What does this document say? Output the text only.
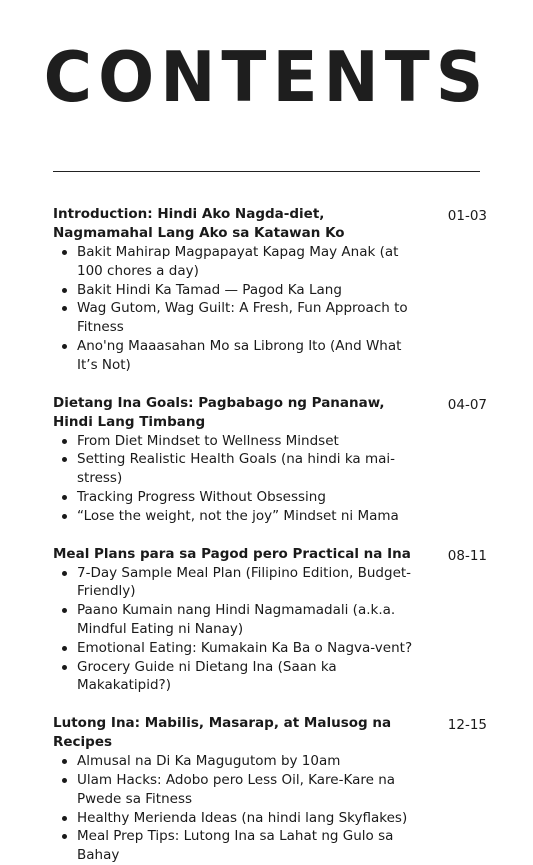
CONTENTS
Introduction: Hindi Ako Nagda-diet, Nagmamahal Lang Ako sa Katawan Ko
01-03
Bakit Mahirap Magpapayat Kapag May Anak (at 100 chores a day)
Bakit Hindi Ka Tamad — Pagod Ka Lang
Wag Gutom, Wag Guilt: A Fresh, Fun Approach to Fitness
Ano'ng Maaasahan Mo sa Librong Ito (And What It’s Not)
Dietang Ina Goals: Pagbabago ng Pananaw, Hindi Lang Timbang
04-07
From Diet Mindset to Wellness Mindset
Setting Realistic Health Goals (na hindi ka mai-stress)
Tracking Progress Without Obsessing
“Lose the weight, not the joy” Mindset ni Mama
Meal Plans para sa Pagod pero Practical na Ina	08-11
7-Day Sample Meal Plan (Filipino Edition, Budget-Friendly)
Paano Kumain nang Hindi Nagmamadali (a.k.a. Mindful Eating ni Nanay)
Emotional Eating: Kumakain Ka Ba o Nagva-vent?
Grocery Guide ni Dietang Ina (Saan ka Makakatipid?)
Lutong Ina: Mabilis, Masarap, at Malusog na Recipes
12-15
Almusal na Di Ka Magugutom by 10am
Ulam Hacks: Adobo pero Less Oil, Kare-Kare na Pwede sa Fitness
Healthy Merienda Ideas (na hindi lang Skyflakes)
Meal Prep Tips: Lutong Ina sa Lahat ng Gulo sa Bahay
